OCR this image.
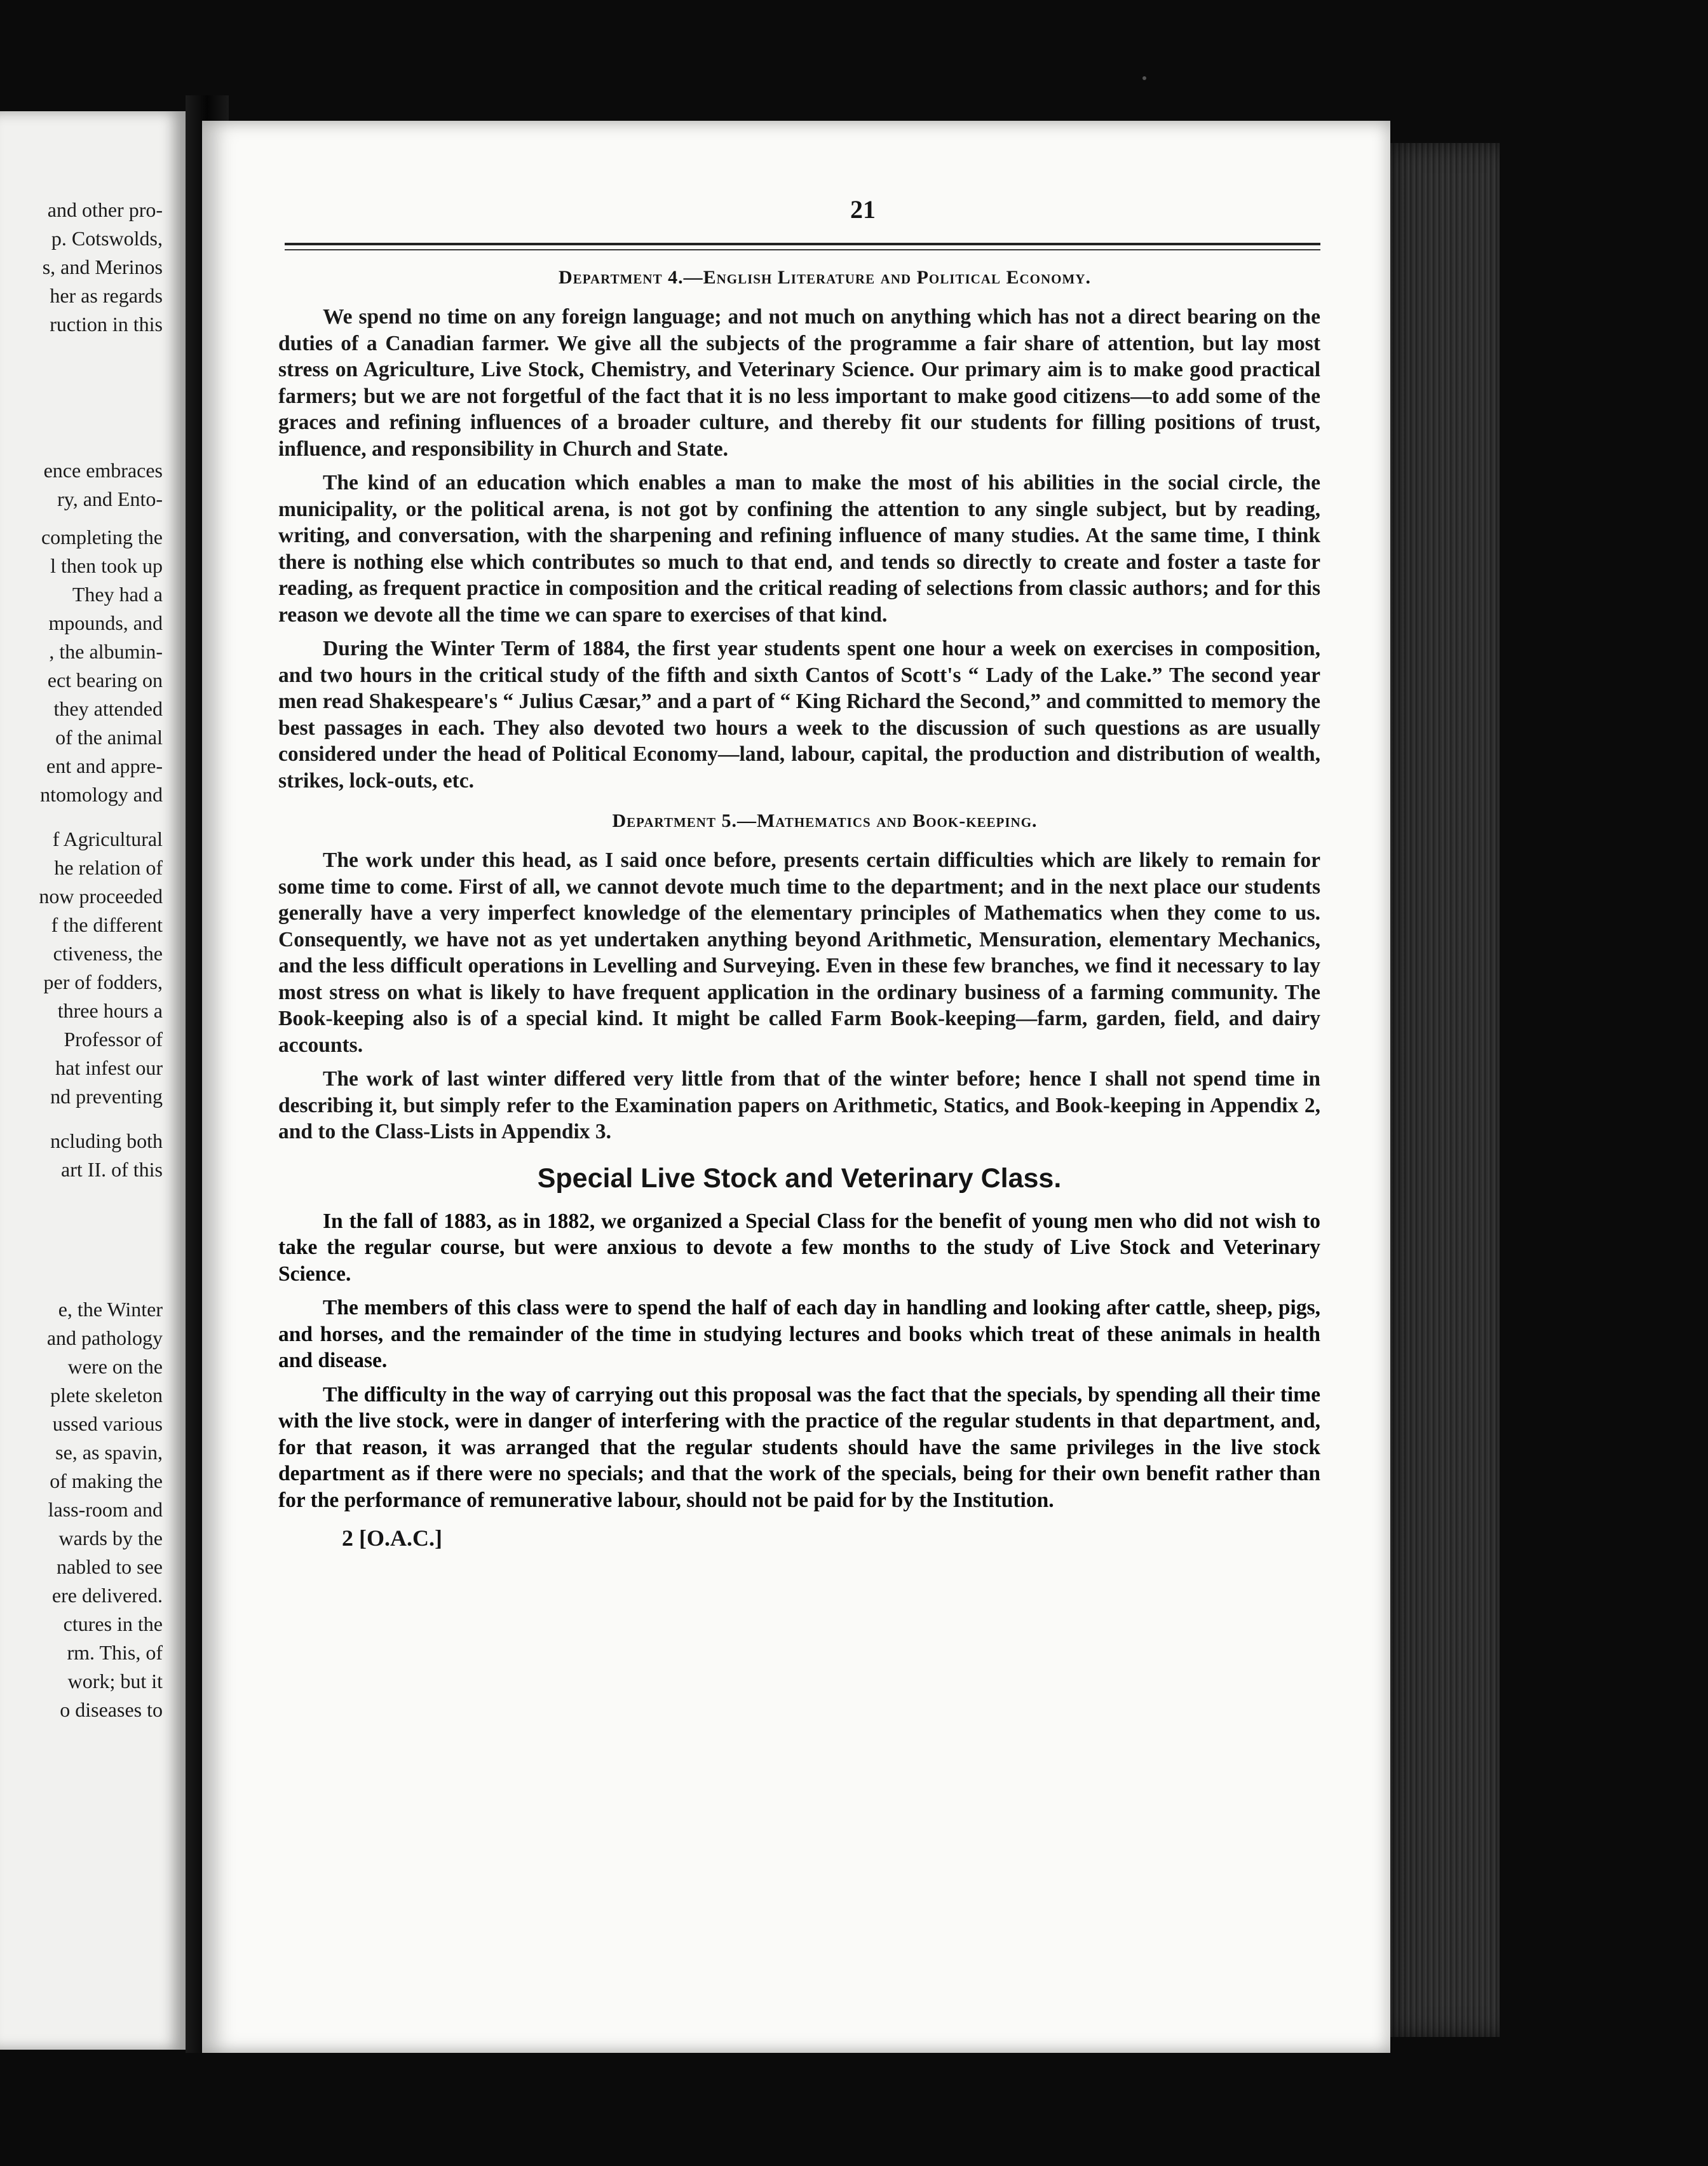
and other pro-
p. Cotswolds,
s, and Merinos
her as regards
ruction in this
ence embraces
ry, and Ento-
completing the
l then took up
They had a
mpounds, and
, the albumin-
ect bearing on
they attended
of the animal
ent and appre-
ntomology and
f Agricultural
he relation of
now proceeded
f the different
ctiveness, the
per of fodders,
three hours a
Professor of
hat infest our
nd preventing
ncluding both
art II. of this
e, the Winter
and pathology
were on the
plete skeleton
ussed various
se, as spavin,
of making the
lass-room and
wards by the
nabled to see
ere delivered.
ctures in the
rm. This, of
work; but it
o diseases to
21
Department 4.—English Literature and Political Economy.

We spend no time on any foreign language; and not much on anything which has not a direct bearing on the duties of a Canadian farmer. We give all the subjects of the programme a fair share of attention, but lay most stress on Agriculture, Live Stock, Chemistry, and Veterinary Science. Our primary aim is to make good practical farmers; but we are not forgetful of the fact that it is no less important to make good citizens—to add some of the graces and refining influences of a broader culture, and thereby fit our students for filling positions of trust, influence, and responsibility in Church and State.

The kind of an education which enables a man to make the most of his abilities in the social circle, the municipality, or the political arena, is not got by confining the attention to any single subject, but by reading, writing, and conversation, with the sharpening and refining influence of many studies. At the same time, I think there is nothing else which contributes so much to that end, and tends so directly to create and foster a taste for reading, as frequent practice in composition and the critical reading of selections from classic authors; and for this reason we devote all the time we can spare to exercises of that kind.

During the Winter Term of 1884, the first year students spent one hour a week on exercises in composition, and two hours in the critical study of the fifth and sixth Cantos of Scott's “ Lady of the Lake.” The second year men read Shakespeare's “ Julius Cæsar,” and a part of “ King Richard the Second,” and committed to memory the best passages in each. They also devoted two hours a week to the discussion of such questions as are usually considered under the head of Political Economy—land, labour, capital, the production and distribution of wealth, strikes, lock-outs, etc.

Department 5.—Mathematics and Book-keeping.

The work under this head, as I said once before, presents certain difficulties which are likely to remain for some time to come. First of all, we cannot devote much time to the department; and in the next place our students generally have a very imperfect knowledge of the elementary principles of Mathematics when they come to us. Consequently, we have not as yet undertaken anything beyond Arithmetic, Mensuration, elementary Mechanics, and the less difficult operations in Levelling and Surveying. Even in these few branches, we find it necessary to lay most stress on what is likely to have frequent application in the ordinary business of a farming community. The Book-keeping also is of a special kind. It might be called Farm Book-keeping—farm, garden, field, and dairy accounts.

The work of last winter differed very little from that of the winter before; hence I shall not spend time in describing it, but simply refer to the Examination papers on Arithmetic, Statics, and Book-keeping in Appendix 2, and to the Class-Lists in Appendix 3.

Special Live Stock and Veterinary Class.

In the fall of 1883, as in 1882, we organized a Special Class for the benefit of young men who did not wish to take the regular course, but were anxious to devote a few months to the study of Live Stock and Veterinary Science.

The members of this class were to spend the half of each day in handling and looking after cattle, sheep, pigs, and horses, and the remainder of the time in studying lectures and books which treat of these animals in health and disease.

The difficulty in the way of carrying out this proposal was the fact that the specials, by spending all their time with the live stock, were in danger of interfering with the practice of the regular students in that department, and, for that reason, it was arranged that the regular students should have the same privileges in the live stock department as if there were no specials; and that the work of the specials, being for their own benefit rather than for the performance of remunerative labour, should not be paid for by the Institution.

2 [O.A.C.]
